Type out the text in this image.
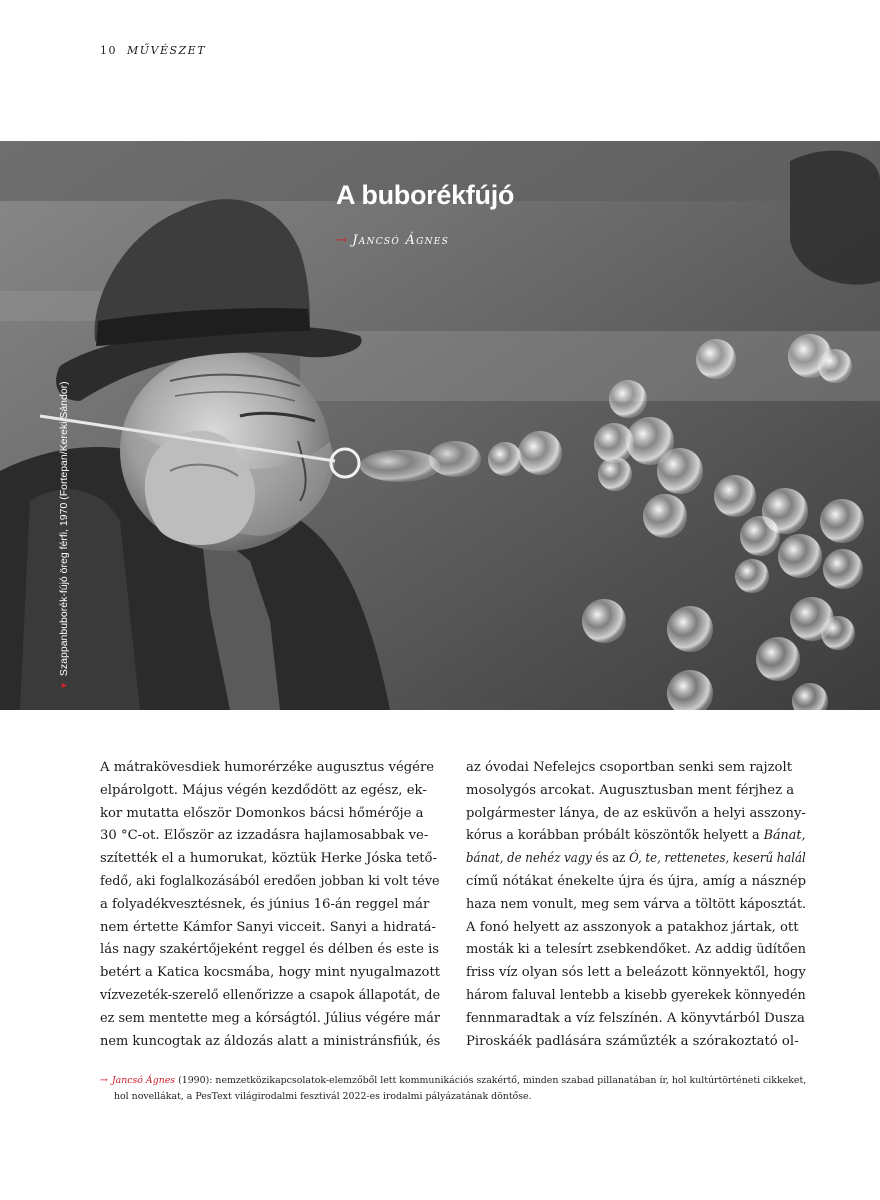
10 MŰVÉSZET
A buborékfújó
→ Jancsó Ágnes
▼Szappanbuborék-fújó öreg férfi, 1970 (Fortepan/Kereki Sándor)
A mátrakövesdiek humorérzéke augusztus végére
elpárolgott. Május végén kezdődött az egész, ek-
kor mutatta először Domonkos bácsi hőmérője a
30 °C-ot. Először az izzadásra hajlamosabbak ve-
szítették el a humorukat, köztük Herke Jóska tető-
fedő, aki foglalkozásából eredően jobban ki volt téve
a folyadékvesztésnek, és június 16-án reggel már
nem értette Kámfor Sanyi vicceit. Sanyi a hidratá-
lás nagy szakértőjeként reggel és délben és este is
betért a Katica kocsmába, hogy mint nyugalmazott
vízvezeték-szerelő ellenőrizze a csapok állapotát, de
ez sem mentette meg a kórságtól. Július végére már
nem kuncogtak az áldozás alatt a ministránsfiúk, és
az óvodai Nefelejcs csoportban senki sem rajzolt
mosolygós arcokat. Augusztusban ment férjhez a
polgármester lánya, de az esküvőn a helyi asszony-
kórus a korábban próbált köszöntők helyett a Bánat,
bánat, de nehéz vagy és az Ó, te, rettenetes, keserű halál
című nótákat énekelte újra és újra, amíg a násznép
haza nem vonult, meg sem várva a töltött káposztát.
A fonó helyett az asszonyok a patakhoz jártak, ott
mosták ki a telesírt zsebkendőket. Az addig üdítően
friss víz olyan sós lett a beleázott könnyektől, hogy
három faluval lentebb a kisebb gyerekek könnyedén
fennmaradtak a víz felszínén. A könyvtárból Dusza
Piroskáék padlására száműzték a szórakoztató ol-
→ Jancsó Ágnes (1990): nemzetközikapcsolatok-elemzőből lett kommunikációs szakértő, minden szabad pillanatában ír, hol kultúrtörténeti cikkeket,
hol novellákat, a PesText világirodalmi fesztivál 2022-es irodalmi pályázatának döntőse.
